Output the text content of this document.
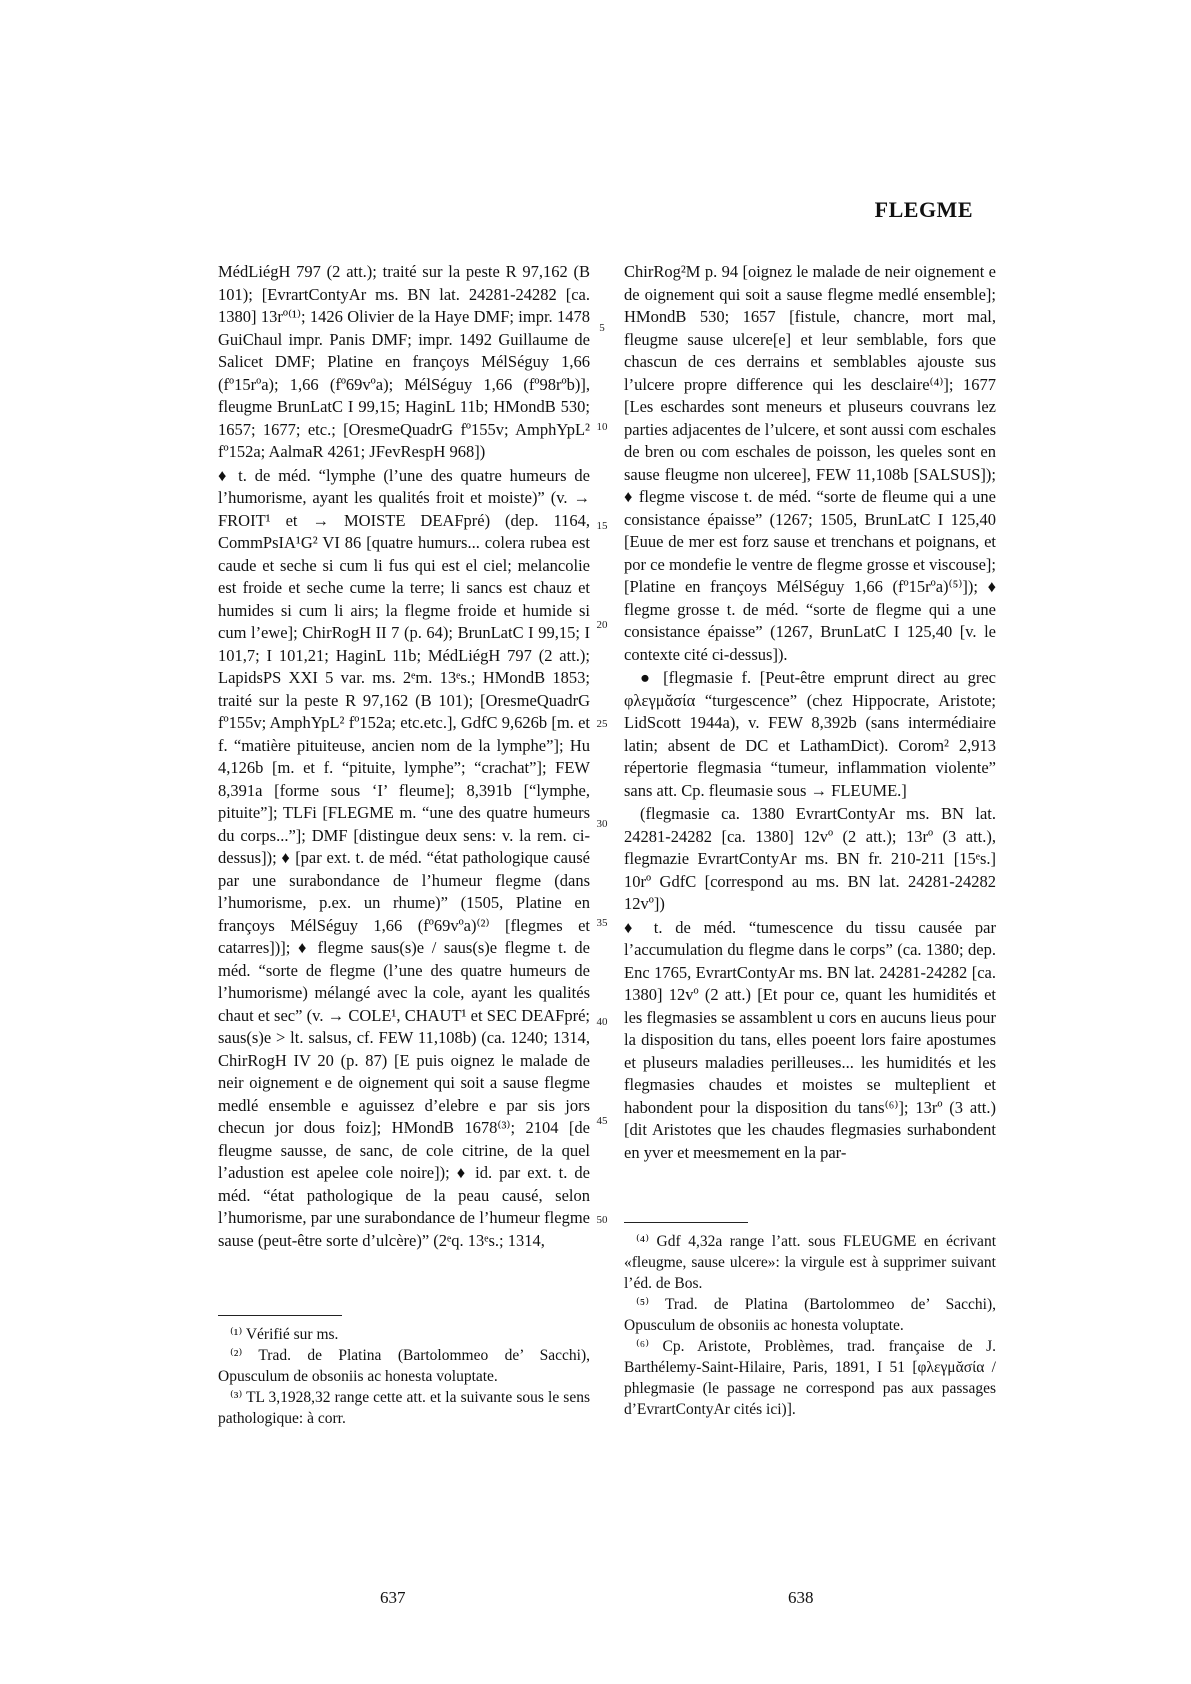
FLEGME

MédLiégH 797 (2 att.); traité sur la peste R 97,162 (B 101); [EvrartContyAr ms. BN lat. 24281-24282 [ca. 1380] 13rº⁽¹⁾; 1426 Olivier de la Haye DMF; impr. 1478 GuiChaul impr. Panis DMF; impr. 1492 Guillaume de Salicet DMF; Platine en françoys MélSéguy 1,66 (fº15rºa); 1,66 (fº69vºa); MélSéguy 1,66 (fº98rºb)], fleugme BrunLatC I 99,15; HaginL 11b; HMondB 530; 1657; 1677; etc.; [OresmeQuadrG fº155v; AmphYpL² fº152a; AalmaR 4261; JFevRespH 968])

♦ t. de méd. “lymphe (l’une des quatre humeurs de l’humorisme, ayant les qualités froit et moiste)” (v. → FROIT¹ et → MOISTE DEAFpré) (dep. 1164, CommPsIA¹G² VI 86 [quatre humurs... colera rubea est caude et seche si cum li fus qui est el ciel; melancolie est froide et seche cume la terre; li sancs est chauz et humides si cum li airs; la flegme froide et humide si cum l’ewe]; ChirRogH II 7 (p. 64); BrunLatC I 99,15; I 101,7; I 101,21; HaginL 11b; MédLiégH 797 (2 att.); LapidsPS XXI 5 var. ms. 2ᵉm. 13ᵉs.; HMondB 1853; traité sur la peste R 97,162 (B 101); [OresmeQuadrG fº155v; AmphYpL² fº152a; etc.etc.], GdfC 9,626b [m. et f. “matière pituiteuse, ancien nom de la lymphe”]; Hu 4,126b [m. et f. “pituite, lymphe”; “crachat”]; FEW 8,391a [forme sous ‘I’ fleume]; 8,391b [“lymphe, pituite”]; TLFi [FLEGME m. “une des quatre humeurs du corps...”]; DMF [distingue deux sens: v. la rem. ci-dessus]); ♦ [par ext. t. de méd. “état pathologique causé par une surabondance de l’humeur flegme (dans l’humorisme, p.ex. un rhume)” (1505, Platine en françoys MélSéguy 1,66 (fº69vºa)⁽²⁾ [flegmes et catarres])]; ♦ flegme saus(s)e / saus(s)e flegme t. de méd. “sorte de flegme (l’une des quatre humeurs de l’humorisme) mélangé avec la cole, ayant les qualités chaut et sec” (v. → COLE¹, CHAUT¹ et SEC DEAFpré; saus(s)e > lt. salsus, cf. FEW 11,108b) (ca. 1240; 1314, ChirRogH IV 20 (p. 87) [E puis oignez le malade de neir oignement e de oignement qui soit a sause flegme medlé ensemble e aguissez d’elebre e par sis jors checun jor dous foiz]; HMondB 1678⁽³⁾; 2104 [de fleugme sausse, de sanc, de cole citrine, de la quel l’adustion est apelee cole noire]); ♦ id. par ext. t. de méd. “état pathologique de la peau causé, selon l’humorisme, par une surabondance de l’humeur flegme sause (peut-être sorte d’ulcère)” (2ᵉq. 13ᵉs.; 1314,

ChirRog²M p. 94 [oignez le malade de neir oignement e de oignement qui soit a sause flegme medlé ensemble]; HMondB 530; 1657 [fistule, chancre, mort mal, fleugme sause ulcere[e] et leur semblable, fors que chascun de ces derrains et semblables ajouste sus l’ulcere propre difference qui les desclaire⁽⁴⁾]; 1677 [Les eschardes sont meneurs et pluseurs couvrans lez parties adjacentes de l’ulcere, et sont aussi com eschales de bren ou com eschales de poisson, les queles sont en sause fleugme non ulceree], FEW 11,108b [SALSUS]); ♦ flegme viscose t. de méd. “sorte de fleume qui a une consistance épaisse” (1267; 1505, BrunLatC I 125,40 [Euue de mer est forz sause et trenchans et poignans, et por ce mondefie le ventre de flegme grosse et viscouse]; [Platine en françoys MélSéguy 1,66 (fº15rºa)⁽⁵⁾]); ♦ flegme grosse t. de méd. “sorte de flegme qui a une consistance épaisse” (1267, BrunLatC I 125,40 [v. le contexte cité ci-dessus]).

● [flegmasie f. [Peut-être emprunt direct au grec φλεγμᾰσία “turgescence” (chez Hippocrate, Aristote; LidScott 1944a), v. FEW 8,392b (sans intermédiaire latin; absent de DC et LathamDict). Corom² 2,913 répertorie flegmasia “tumeur, inflammation violente” sans att. Cp. fleumasie sous → FLEUME.]

(flegmasie ca. 1380 EvrartContyAr ms. BN lat. 24281-24282 [ca. 1380] 12vº (2 att.); 13rº (3 att.), flegmazie EvrartContyAr ms. BN fr. 210-211 [15ᵉs.] 10rº GdfC [correspond au ms. BN lat. 24281-24282 12vº])

♦ t. de méd. “tumescence du tissu causée par l’accumulation du flegme dans le corps” (ca. 1380; dep. Enc 1765, EvrartContyAr ms. BN lat. 24281-24282 [ca. 1380] 12vº (2 att.) [Et pour ce, quant les humidités et les flegmasies se assamblent u cors en aucuns lieus pour la disposition du tans, elles poeent lors faire apostumes et pluseurs maladies perilleuses... les humidités et les flegmasies chaudes et moistes se multeplient et habondent pour la disposition du tans⁽⁶⁾]; 13rº (3 att.) [dit Aristotes que les chaudes flegmasies surhabondent en yver et meesmement en la par-

5
10
15
20
25
30
35
40
45
50

⁽¹⁾ Vérifié sur ms.

⁽²⁾ Trad. de Platina (Bartolommeo de’ Sacchi), Opusculum de obsoniis ac honesta voluptate.

⁽³⁾ TL 3,1928,32 range cette att. et la suivante sous le sens pathologique: à corr.

⁽⁴⁾ Gdf 4,32a range l’att. sous FLEUGME en écrivant «fleugme, sause ulcere»: la virgule est à supprimer suivant l’éd. de Bos.

⁽⁵⁾ Trad. de Platina (Bartolommeo de’ Sacchi), Opusculum de obsoniis ac honesta voluptate.

⁽⁶⁾ Cp. Aristote, Problèmes, trad. française de J. Barthélemy-Saint-Hilaire, Paris, 1891, I 51 [φλεγμᾰσία / phlegmasie (le passage ne correspond pas aux passages d’EvrartContyAr cités ici)].

637	638
